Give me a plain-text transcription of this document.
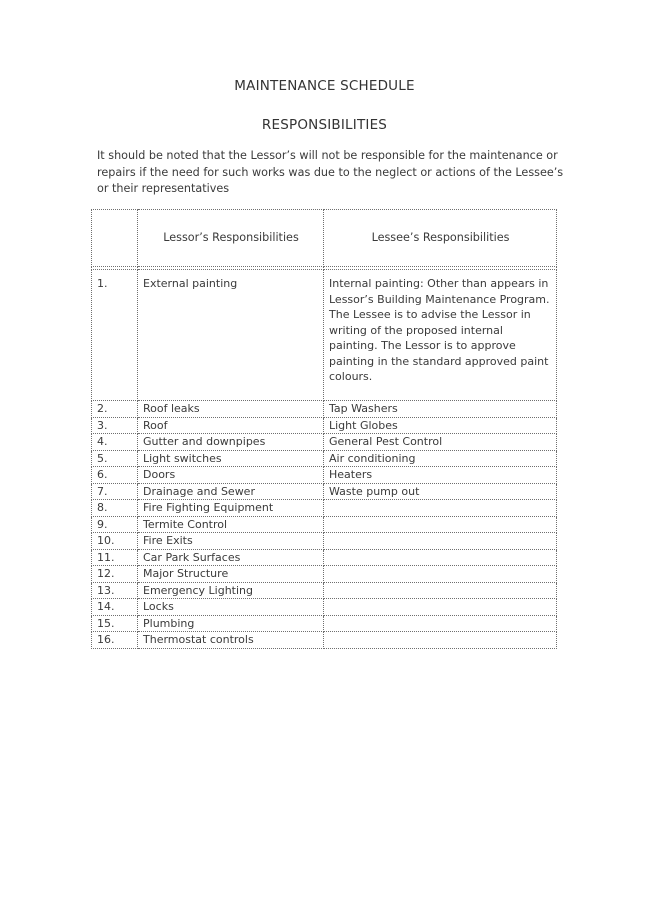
MAINTENANCE SCHEDULE
RESPONSIBILITIES

It should be noted that the Lessor’s will not be responsible for the maintenance or repairs if the need for such works was due to the neglect or actions of the Lessee’s or their representatives

	Lessor’s Responsibilities	Lessee’s Responsibilities

1.	External painting	Internal painting: Other than appears in Lessor’s Building Maintenance Program. The Lessee is to advise the Lessor in writing of the proposed internal painting. The Lessor is to approve painting in the standard approved paint colours.
2.	Roof leaks	Tap Washers
3.	Roof	Light Globes
4.	Gutter and downpipes	General Pest Control
5.	Light switches	Air conditioning
6.	Doors	Heaters
7.	Drainage and Sewer	Waste pump out
8.	Fire Fighting Equipment	
9.	Termite Control	
10.	Fire Exits	
11.	Car Park Surfaces	
12.	Major Structure	
13.	Emergency Lighting	
14.	Locks	
15.	Plumbing	
16.	Thermostat controls	
